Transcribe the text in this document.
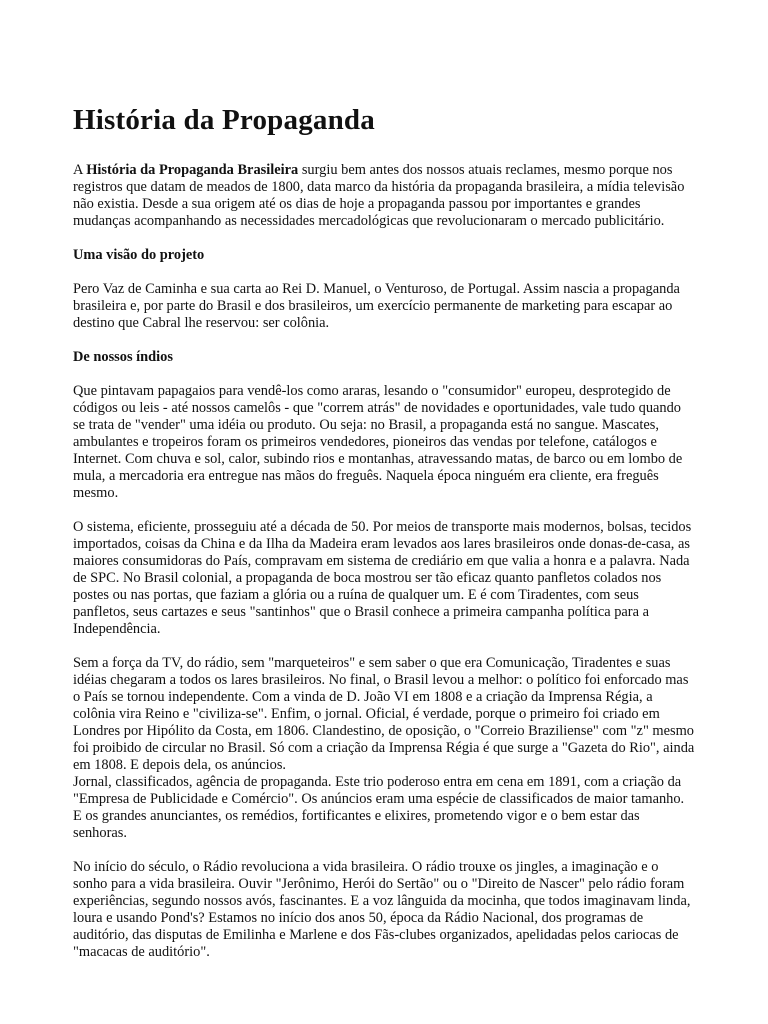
História da Propaganda

A História da Propaganda Brasileira surgiu bem antes dos nossos atuais reclames, mesmo porque nos registros que datam de meados de 1800, data marco da história da propaganda brasileira, a mídia televisão não existia. Desde a sua origem até os dias de hoje a propaganda passou por importantes e grandes mudanças acompanhando as necessidades mercadológicas que revolucionaram o mercado publicitário.

Uma visão do projeto

Pero Vaz de Caminha e sua carta ao Rei D. Manuel, o Venturoso, de Portugal. Assim nascia a propaganda brasileira e, por parte do Brasil e dos brasileiros, um exercício permanente de marketing para escapar ao destino que Cabral lhe reservou: ser colônia.

De nossos índios

Que pintavam papagaios para vendê-los como araras, lesando o "consumidor" europeu, desprotegido de códigos ou leis - até nossos camelôs - que "correm atrás" de novidades e oportunidades, vale tudo quando se trata de "vender" uma idéia ou produto. Ou seja: no Brasil, a propaganda está no sangue. Mascates, ambulantes e tropeiros foram os primeiros vendedores, pioneiros das vendas por telefone, catálogos e Internet. Com chuva e sol, calor, subindo rios e montanhas, atravessando matas, de barco ou em lombo de mula, a mercadoria era entregue nas mãos do freguês. Naquela época ninguém era cliente, era freguês mesmo.

O sistema, eficiente, prosseguiu até a década de 50. Por meios de transporte mais modernos, bolsas, tecidos importados, coisas da China e da Ilha da Madeira eram levados aos lares brasileiros onde donas-de-casa, as maiores consumidoras do País, compravam em sistema de crediário em que valia a honra e a palavra. Nada de SPC. No Brasil colonial, a propaganda de boca mostrou ser tão eficaz quanto panfletos colados nos postes ou nas portas, que faziam a glória ou a ruína de qualquer um. E é com Tiradentes, com seus panfletos, seus cartazes e seus "santinhos" que o Brasil conhece a primeira campanha política para a Independência.

Sem a força da TV, do rádio, sem "marqueteiros" e sem saber o que era Comunicação, Tiradentes e suas idéias chegaram a todos os lares brasileiros. No final, o Brasil levou a melhor: o político foi enforcado mas o País se tornou independente. Com a vinda de D. João VI em 1808 e a criação da Imprensa Régia, a colônia vira Reino e "civiliza-se". Enfim, o jornal. Oficial, é verdade, porque o primeiro foi criado em Londres por Hipólito da Costa, em 1806. Clandestino, de oposição, o "Correio Braziliense" com "z" mesmo foi proibido de circular no Brasil. Só com a criação da Imprensa Régia é que surge a "Gazeta do Rio", ainda em 1808. E depois dela, os anúncios.
Jornal, classificados, agência de propaganda. Este trio poderoso entra em cena em 1891, com a criação da "Empresa de Publicidade e Comércio". Os anúncios eram uma espécie de classificados de maior tamanho. E os grandes anunciantes, os remédios, fortificantes e elixires, prometendo vigor e o bem estar das senhoras.

No início do século, o Rádio revoluciona a vida brasileira. O rádio trouxe os jingles, a imaginação e o sonho para a vida brasileira. Ouvir "Jerônimo, Herói do Sertão" ou o "Direito de Nascer" pelo rádio foram experiências, segundo nossos avós, fascinantes. E a voz lânguida da mocinha, que todos imaginavam linda, loura e usando Pond's? Estamos no início dos anos 50, época da Rádio Nacional, dos programas de auditório, das disputas de Emilinha e Marlene e dos Fãs-clubes organizados, apelidadas pelos cariocas de "macacas de auditório".
